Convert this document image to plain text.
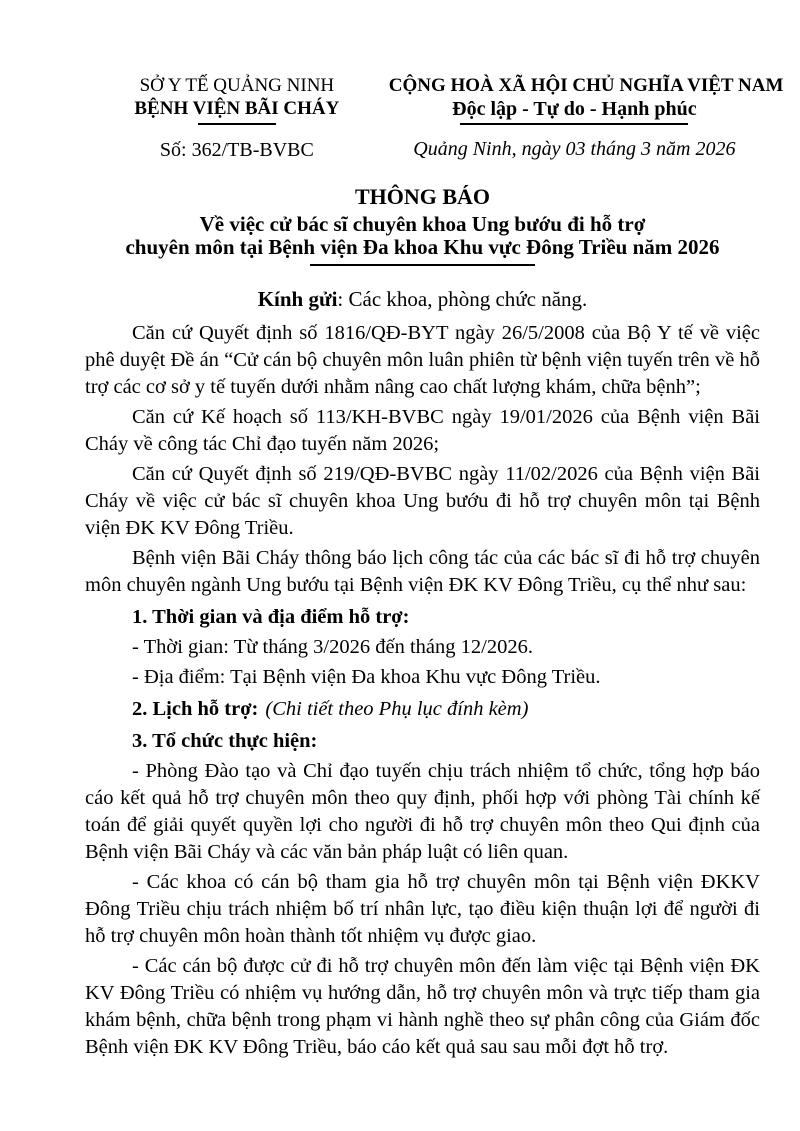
SỞ Y TẾ QUẢNG NINH
BỆNH VIỆN BÃI CHÁY
Số: 362/TB-BVBC
CỘNG HOÀ XÃ HỘI CHỦ NGHĨA VIỆT NAM
Độc lập - Tự do - Hạnh phúc
Quảng Ninh, ngày 03 tháng 3 năm 2026
THÔNG BÁO
Về việc cử bác sĩ chuyên khoa Ung bướu đi hỗ trợ
chuyên môn tại Bệnh viện Đa khoa Khu vực Đông Triều năm 2026
Kính gửi: Các khoa, phòng chức năng.

Căn cứ Quyết định số 1816/QĐ-BYT ngày 26/5/2008 của Bộ Y tế về việc phê duyệt Đề án “Cử cán bộ chuyên môn luân phiên từ bệnh viện tuyến trên về hỗ trợ các cơ sở y tế tuyến dưới nhằm nâng cao chất lượng khám, chữa bệnh”;

Căn cứ Kế hoạch số 113/KH-BVBC ngày 19/01/2026 của Bệnh viện Bãi Cháy về công tác Chỉ đạo tuyến năm 2026;

Căn cứ Quyết định số 219/QĐ-BVBC ngày 11/02/2026 của Bệnh viện Bãi Cháy về việc cử bác sĩ chuyên khoa Ung bướu đi hỗ trợ chuyên môn tại Bệnh viện ĐK KV Đông Triều.

Bệnh viện Bãi Cháy thông báo lịch công tác của các bác sĩ đi hỗ trợ chuyên môn chuyên ngành Ung bướu tại Bệnh viện ĐK KV Đông Triều, cụ thể như sau:

1. Thời gian và địa điểm hỗ trợ:

- Thời gian: Từ tháng 3/2026 đến tháng 12/2026.

- Địa điểm: Tại Bệnh viện Đa khoa Khu vực Đông Triều.

2. Lịch hỗ trợ: (Chi tiết theo Phụ lục đính kèm)

3. Tổ chức thực hiện:

- Phòng Đào tạo và Chỉ đạo tuyến chịu trách nhiệm tổ chức, tổng hợp báo cáo kết quả hỗ trợ chuyên môn theo quy định, phối hợp với phòng Tài chính kế toán để giải quyết quyền lợi cho người đi hỗ trợ chuyên môn theo Qui định của Bệnh viện Bãi Cháy và các văn bản pháp luật có liên quan.

- Các khoa có cán bộ tham gia hỗ trợ chuyên môn tại Bệnh viện ĐKKV Đông Triều chịu trách nhiệm bố trí nhân lực, tạo điều kiện thuận lợi để người đi hỗ trợ chuyên môn hoàn thành tốt nhiệm vụ được giao.

- Các cán bộ được cử đi hỗ trợ chuyên môn đến làm việc tại Bệnh viện ĐK KV Đông Triều có nhiệm vụ hướng dẫn, hỗ trợ chuyên môn và trực tiếp tham gia khám bệnh, chữa bệnh trong phạm vi hành nghề theo sự phân công của Giám đốc Bệnh viện ĐK KV Đông Triều, báo cáo kết quả sau sau mỗi đợt hỗ trợ.
